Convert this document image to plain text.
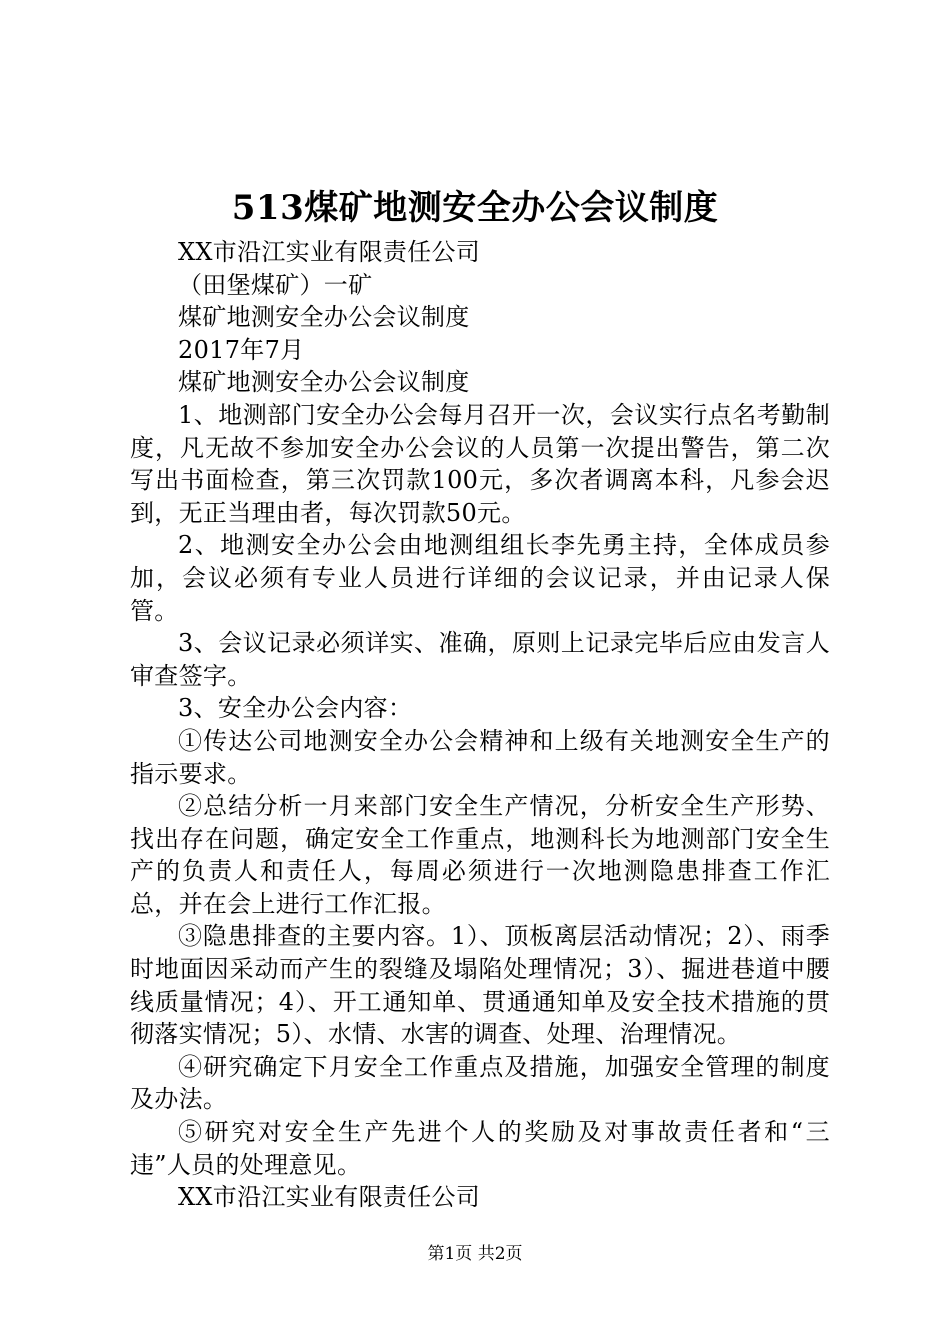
513煤矿地测安全办公会议制度

XX市沿江实业有限责任公司

（田堡煤矿）一矿

煤矿地测安全办公会议制度

2017年7月

煤矿地测安全办公会议制度

1、地测部门安全办公会每月召开一次，会议实行点名考勤制度，凡无故不参加安全办公会议的人员第一次提出警告，第二次写出书面检查，第三次罚款100元，多次者调离本科，凡参会迟到，无正当理由者，每次罚款50元。

2、地测安全办公会由地测组组长李先勇主持，全体成员参加，会议必须有专业人员进行详细的会议记录，并由记录人保管。

3、会议记录必须详实、准确，原则上记录完毕后应由发言人审查签字。

3、安全办公会内容：

①传达公司地测安全办公会精神和上级有关地测安全生产的指示要求。

②总结分析一月来部门安全生产情况，分析安全生产形势、找出存在问题，确定安全工作重点，地测科长为地测部门安全生产的负责人和责任人，每周必须进行一次地测隐患排查工作汇总，并在会上进行工作汇报。

③隐患排查的主要内容。1）、顶板离层活动情况；2）、雨季时地面因采动而产生的裂缝及塌陷处理情况；3）、掘进巷道中腰线质量情况；4）、开工通知单、贯通通知单及安全技术措施的贯彻落实情况；5）、水情、水害的调查、处理、治理情况。

④研究确定下月安全工作重点及措施，加强安全管理的制度及办法。

⑤研究对安全生产先进个人的奖励及对事故责任者和“三违”人员的处理意见。

XX市沿江实业有限责任公司

第1页 共2页
